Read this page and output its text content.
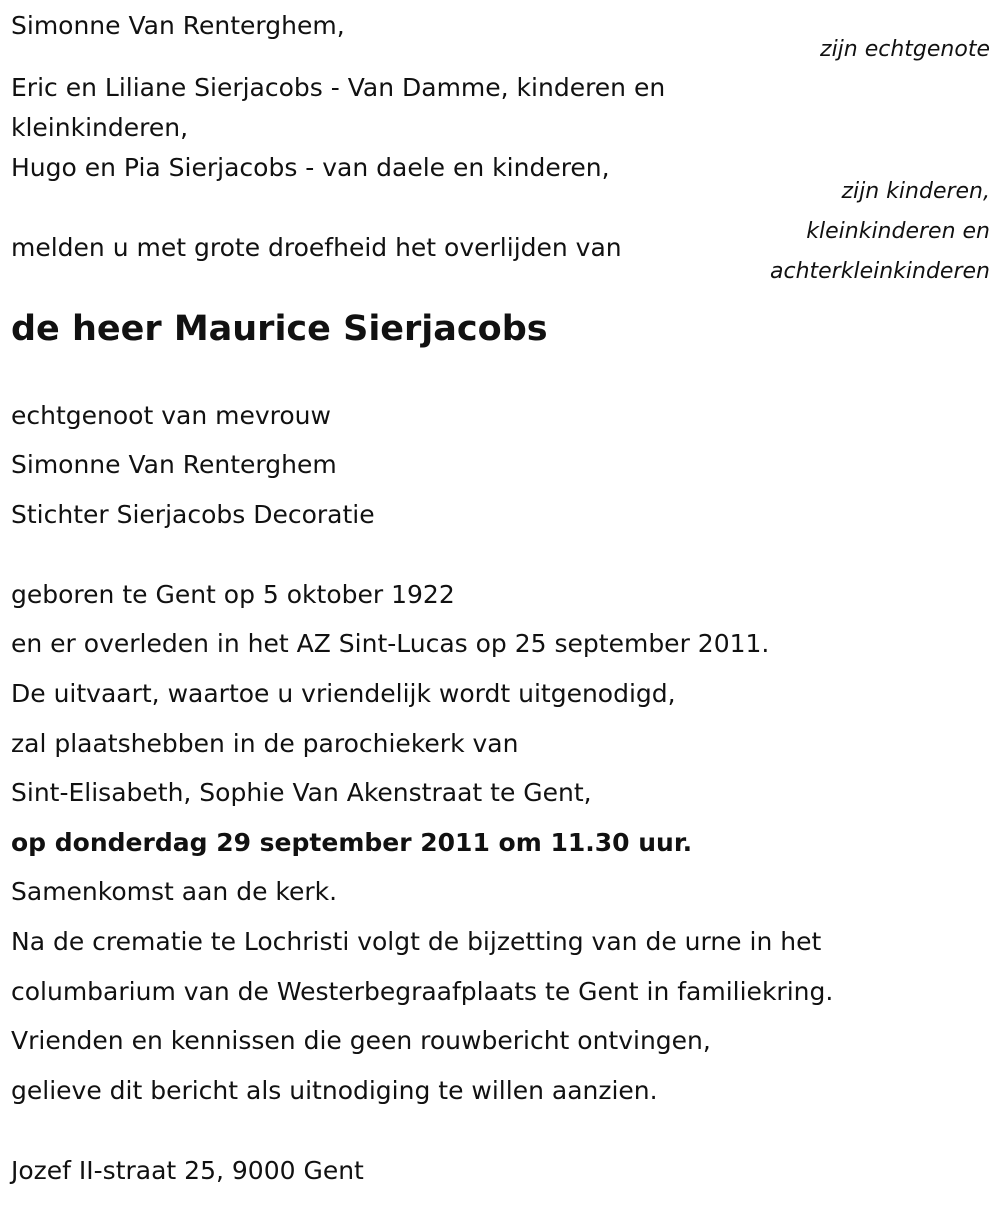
Simonne Van Renterghem,
zijn echtgenote
Eric en Liliane Sierjacobs - Van Damme, kinderen en
kleinkinderen,
Hugo en Pia Sierjacobs - van daele en kinderen,
zijn kinderen,
kleinkinderen en
achterkleinkinderen
melden u met grote droefheid het overlijden van
de heer Maurice Sierjacobs
echtgenoot van mevrouw
Simonne Van Renterghem
Stichter Sierjacobs Decoratie
geboren te Gent op 5 oktober 1922
en er overleden in het AZ Sint-Lucas op 25 september 2011.
De uitvaart, waartoe u vriendelijk wordt uitgenodigd,
zal plaatshebben in de parochiekerk van
Sint-Elisabeth, Sophie Van Akenstraat te Gent,
op donderdag 29 september 2011 om 11.30 uur.
Samenkomst aan de kerk.
Na de crematie te Lochristi volgt de bijzetting van de urne in het
columbarium van de Westerbegraafplaats te Gent in familiekring.
Vrienden en kennissen die geen rouwbericht ontvingen,
gelieve dit bericht als uitnodiging te willen aanzien.
Jozef II-straat 25, 9000 Gent
